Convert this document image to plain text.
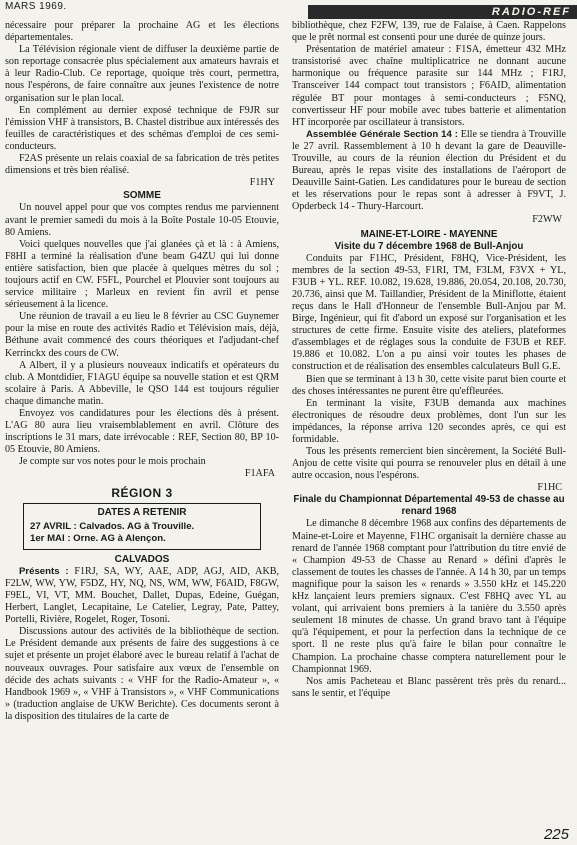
MARS 1969.	RADIO-REF

nécessaire pour préparer la prochaine AG et les élections départementales.

La Télévision régionale vient de diffuser la deuxième partie de son reportage consacrée plus spécialement aux amateurs havrais et à leur Radio-Club. Ce reportage, quoique très court, permettra, nous l'espérons, de faire connaître aux jeunes l'existence de notre organisation sur le plan local.

En complément au dernier exposé technique de F9JR sur l'émission VHF à transistors, B. Chastel distribue aux intéressés des feuilles de caractéristiques et des schémas d'emploi de ces semi-conducteurs.

F2AS présente un relais coaxial de sa fabrication de très petites dimensions et très bien réalisé.

F1HY

SOMME

Un nouvel appel pour que vos comptes rendus me parviennent avant le premier samedi du mois à la Boîte Postale 10-05 Etouvie, 80 Amiens.

Voici quelques nouvelles que j'ai glanées çà et là : à Amiens, F8HI a terminé la réalisation d'une beam G4ZU qui lui donne entière satisfaction, bien que placée à quelques mètres du sol ; toujours actif en CW. F5FL, Pourchel et Plouvier sont toujours au service militaire ; Marleux en revient fin avril et pense sérieusement à la licence.

Une réunion de travail a eu lieu le 8 février au CSC Guynemer pour la mise en route des activités Radio et Télévision mais, déjà, Béthune avait commencé des cours théoriques et l'adjudant-chef Kerrinckx des cours de CW.

A Albert, il y a plusieurs nouveaux indicatifs et opérateurs du club. A Montdidier, F1AGU équipe sa nouvelle station et est QRM scolaire à Paris. A Abbeville, le QSO 144 est toujours régulier chaque dimanche matin.

Envoyez vos candidatures pour les élections dès à présent. L'AG 80 aura lieu vraisemblablement en avril. Clôture des inscriptions le 31 mars, date irrévocable : REF, Section 80, BP 10-05 Etouvie, 80 Amiens.

Je compte sur vos notes pour le mois prochain

F1AFA

RÉGION 3
DATES A RETENIR
27 AVRIL : Calvados. AG à Trouville.
1er MAI : Orne. AG à Alençon.
CALVADOS

Présents : F1RJ, SA, WY, AAE, ADP, AGJ, AID, AKB, F2LW, WW, YW, F5DZ, HY, NQ, NS, WM, WW, F6AID, F8GW, F9EL, VI, VT, MM. Bouchet, Dallet, Dupas, Edeine, Guégan, Herbert, Langlet, Lecapitaine, Le Catelier, Legray, Pate, Pattey, Portelli, Rivière, Rogelet, Roger, Tosoni.

Discussions autour des activités de la bibliothèque de section. Le Président demande aux présents de faire des suggestions à ce sujet et présente un projet élaboré avec le bureau relatif à l'achat de nouveaux ouvrages. Pour satisfaire aux vœux de l'ensemble on décide des achats suivants : « VHF for the Radio-Amateur », « Handbook 1969 », « VHF à Transistors », « VHF Communications » (traduction anglaise de UKW Berichte). Ces documents seront à la disposition des titulaires de la carte de

bibliothèque, chez F2FW, 139, rue de Falaise, à Caen. Rappelons que le prêt normal est consenti pour une durée de quinze jours.

Présentation de matériel amateur : F1SA, émetteur 432 MHz transistorisé avec chaîne multiplicatrice ne donnant aucune harmonique ou fréquence parasite sur 144 MHz ; F1RJ, Transceiver 144 compact tout transistors ; F6AID, alimentation régulée BT pour montages à semi-conducteurs ; F5NQ, convertisseur HF pour mobile avec tubes batterie et alimentation HT incorporée par oscillateur à transistors.

Assemblée Générale Section 14 : Elle se tiendra à Trouville le 27 avril. Rassemblement à 10 h devant la gare de Deauville-Trouville, au cours de la réunion élection du Président et du Bureau, après le repas visite des installations de l'aéroport de Deauville Saint-Gatien. Les candidatures pour le bureau de section et les réservations pour le repas sont à adresser à F9VT, J. Opderbeck 14 - Thury-Harcourt.

F2WW

MAINE-ET-LOIRE - MAYENNE
Visite du 7 décembre 1968 de Bull-Anjou

Conduits par F1HC, Président, F8HQ, Vice-Président, les membres de la section 49-53, F1RI, TM, F3LM, F3VX + YL, F3UB + YL. REF. 10.082, 19.628, 19.886, 20.054, 20.108, 20.730, 20.736, ainsi que M. Taillandier, Président de la Miniflotte, étaient reçus dans le Hall d'Honneur de l'ensemble Bull-Anjou par M. Birge, Ingénieur, qui fit d'abord un exposé sur l'organisation et les structures de cette firme. Ensuite visite des ateliers, plateformes d'assemblages et de réglages sous la conduite de F3UB et REF. 19.886 et 10.082. L'on a pu ainsi voir toutes les phases de construction et de réalisation des ensembles calculateurs Bull G.E.

Bien que se terminant à 13 h 30, cette visite parut bien courte et des choses intéressantes ne purent être qu'effleurées.

En terminant la visite, F3UB demanda aux machines électroniques de résoudre deux problèmes, dont l'un sur les impédances, la réponse arriva 120 secondes après, ce qui est formidable.

Tous les présents remercient bien sincèrement, la Société Bull-Anjou de cette visite qui pourra se renouveler plus en détail à une autre occasion, nous l'espérons.

F1HC

Finale du Championnat Départemental 49-53 de chasse au renard 1968

Le dimanche 8 décembre 1968 aux confins des départements de Maine-et-Loire et Mayenne, F1HC organisait la dernière chasse au renard de l'année 1968 comptant pour l'attribution du titre envié de « Champion 49-53 de Chasse au Renard » défini d'après le classement de toutes les chasses de l'année. A 14 h 30, par un temps magnifique pour la saison les « renards » 3.550 kHz et 145.220 kHz lançaient leurs premiers signaux. C'est F8HQ avec YL au volant, qui arrivaient bons premiers à la tanière du 3.550 après seulement 18 minutes de chasse. Un grand bravo tant à l'équipe qu'à l'équipement, et pour la perfection dans la technique de ce sport. Il ne reste plus qu'à faire le bilan pour connaître le Champion. La prochaine chasse comptera naturellement pour le Championnat 1969.

Nos amis Pacheteau et Blanc passèrent très près du renard... sans le sentir, et l'équipe

225
